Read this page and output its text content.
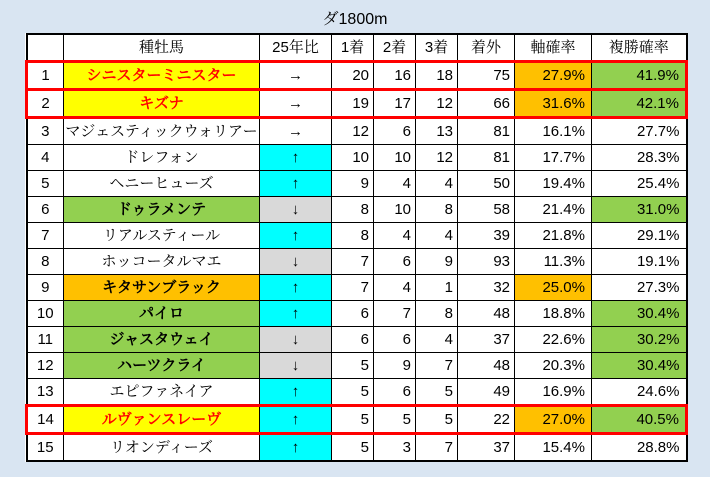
ダ1800m
	種牡馬	25年比	1着	2着	3着	着外	軸確率	複勝確率
1	シニスターミニスター	→	20	16	18	75	27.9%	41.9%
2	キズナ	→	19	17	12	66	31.6%	42.1%
3	マジェスティックウォリアー	→	12	6	13	81	16.1%	27.7%
4	ドレフォン	↑	10	10	12	81	17.7%	28.3%
5	ヘニーヒューズ	↑	9	4	4	50	19.4%	25.4%
6	ドゥラメンテ	↓	8	10	8	58	21.4%	31.0%
7	リアルスティール	↑	8	4	4	39	21.8%	29.1%
8	ホッコータルマエ	↓	7	6	9	93	11.3%	19.1%
9	キタサンブラック	↑	7	4	1	32	25.0%	27.3%
10	パイロ	↑	6	7	8	48	18.8%	30.4%
11	ジャスタウェイ	↓	6	6	4	37	22.6%	30.2%
12	ハーツクライ	↓	5	9	7	48	20.3%	30.4%
13	エピファネイア	↑	5	6	5	49	16.9%	24.6%
14	ルヴァンスレーヴ	↑	5	5	5	22	27.0%	40.5%
15	リオンディーズ	↑	5	3	7	37	15.4%	28.8%
